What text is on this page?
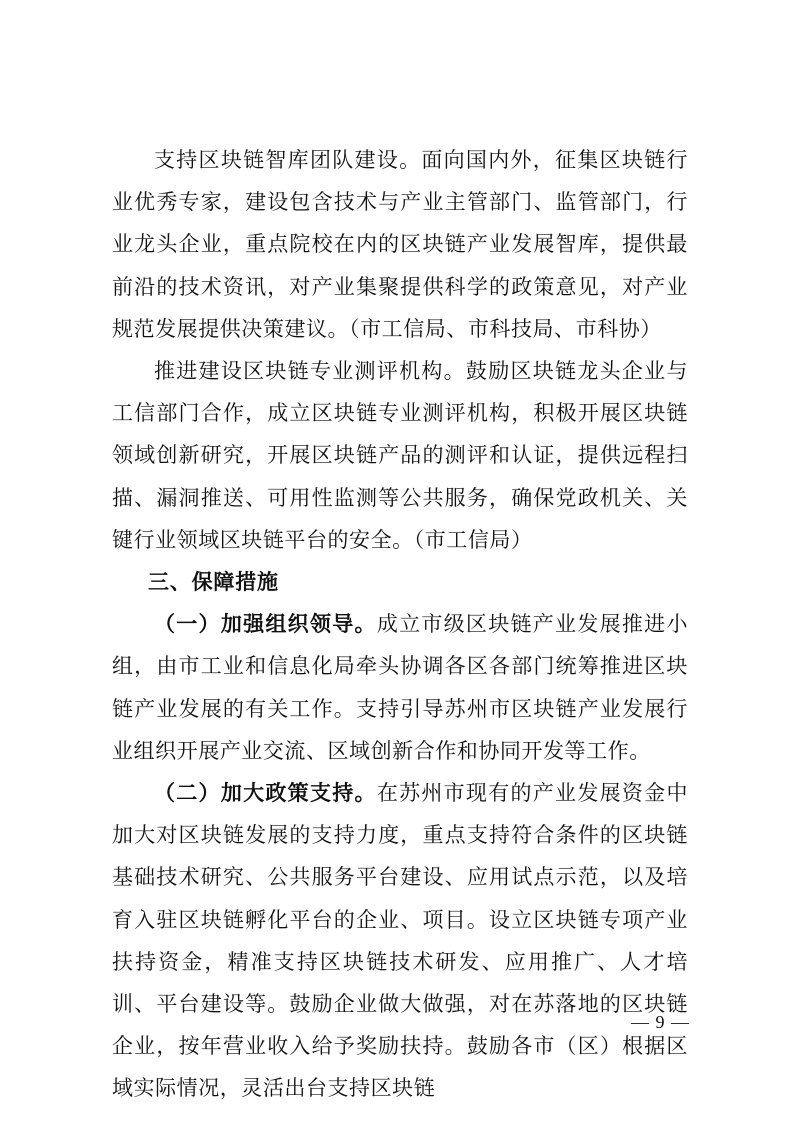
支持区块链智库团队建设。面向国内外，征集区块链行业优秀专家，建设包含技术与产业主管部门、监管部门，行业龙头企业，重点院校在内的区块链产业发展智库，提供最前沿的技术资讯，对产业集聚提供科学的政策意见，对产业规范发展提供决策建议。（市工信局、市科技局、市科协）

推进建设区块链专业测评机构。鼓励区块链龙头企业与工信部门合作，成立区块链专业测评机构，积极开展区块链领域创新研究，开展区块链产品的测评和认证，提供远程扫描、漏洞推送、可用性监测等公共服务，确保党政机关、关键行业领域区块链平台的安全。（市工信局）

三、保障措施

（一）加强组织领导。成立市级区块链产业发展推进小组，由市工业和信息化局牵头协调各区各部门统筹推进区块链产业发展的有关工作。支持引导苏州市区块链产业发展行业组织开展产业交流、区域创新合作和协同开发等工作。

（二）加大政策支持。在苏州市现有的产业发展资金中加大对区块链发展的支持力度，重点支持符合条件的区块链基础技术研究、公共服务平台建设、应用试点示范，以及培育入驻区块链孵化平台的企业、项目。设立区块链专项产业扶持资金，精准支持区块链技术研发、应用推广、人才培训、平台建设等。鼓励企业做大做强，对在苏落地的区块链企业，按年营业收入给予奖励扶持。鼓励各市（区）根据区域实际情况，灵活出台支持区块链

— 9 —
